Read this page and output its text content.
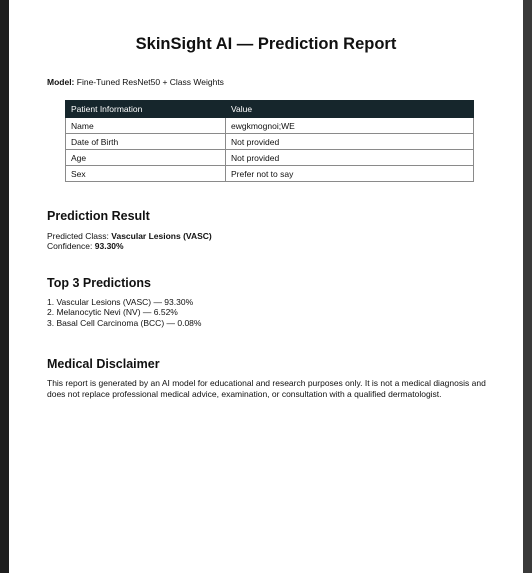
SkinSight AI — Prediction Report

Model: Fine-Tuned ResNet50 + Class Weights

Patient Information	Value
Name	ewgkmognoi;WE
Date of Birth	Not provided
Age	Not provided
Sex	Prefer not to say
Prediction Result

Predicted Class: Vascular Lesions (VASC)

Confidence: 93.30%

Top 3 Predictions

1. Vascular Lesions (VASC) — 93.30%

2. Melanocytic Nevi (NV) — 6.52%

3. Basal Cell Carcinoma (BCC) — 0.08%

Medical Disclaimer

This report is generated by an AI model for educational and research purposes only. It is not a medical diagnosis and does not replace professional medical advice, examination, or consultation with a qualified dermatologist.
